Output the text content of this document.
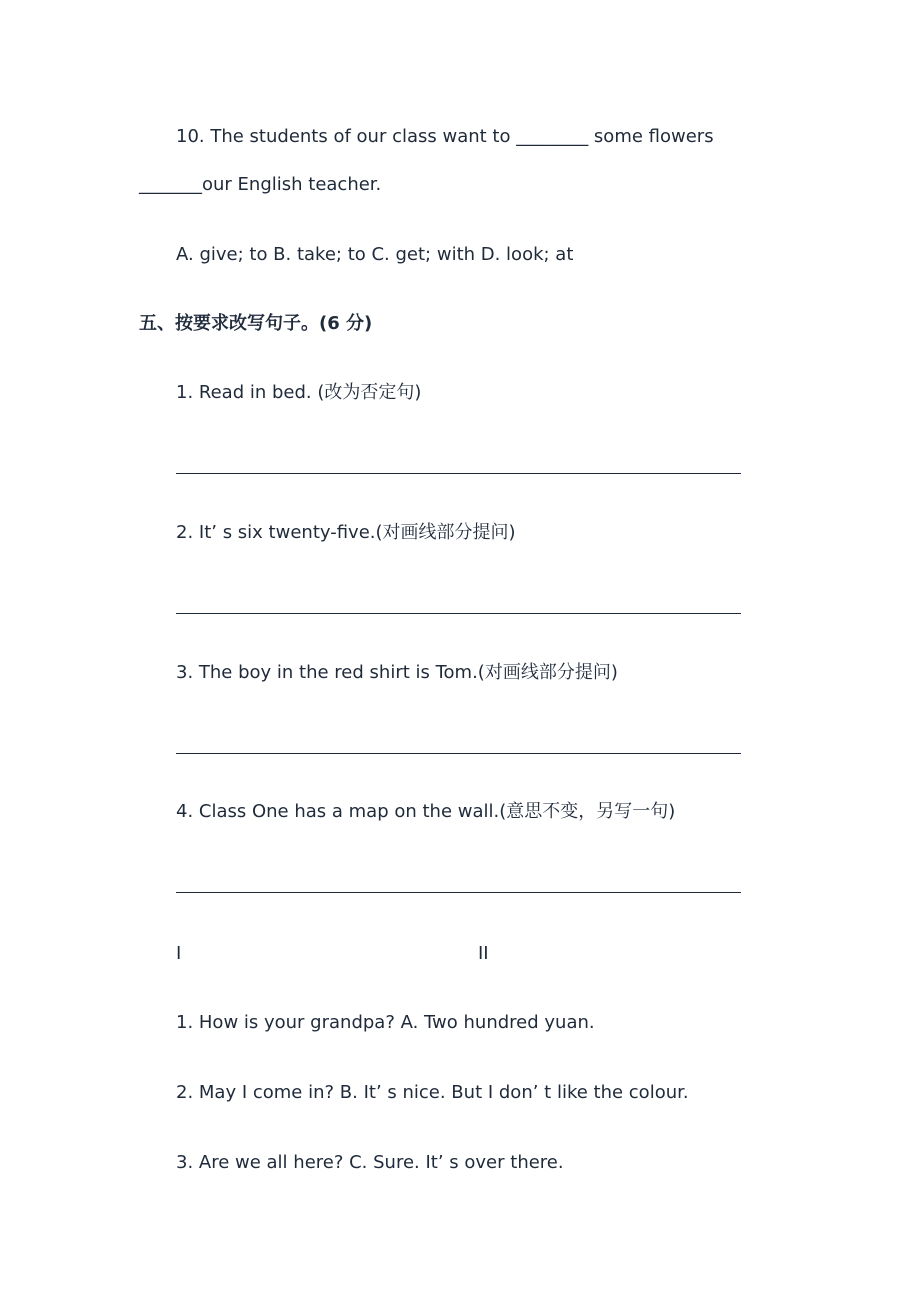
10. The students of our class want to ________ some flowers

_______our English teacher.

A. give; to B. take; to C. get; with D. look; at

五、按要求改写句子。(6 分)

1. Read in bed. (改为否定句)

2. It’ s six twenty-five.(对画线部分提问)

3. The boy in the red shirt is Tom.(对画线部分提问)

4. Class One has a map on the wall.(意思不变，另写一句)

I	II

1. How is your grandpa? A. Two hundred yuan.

2. May I come in? B. It’ s nice. But I don’ t like the colour.

3. Are we all here? C. Sure. It’ s over there.
